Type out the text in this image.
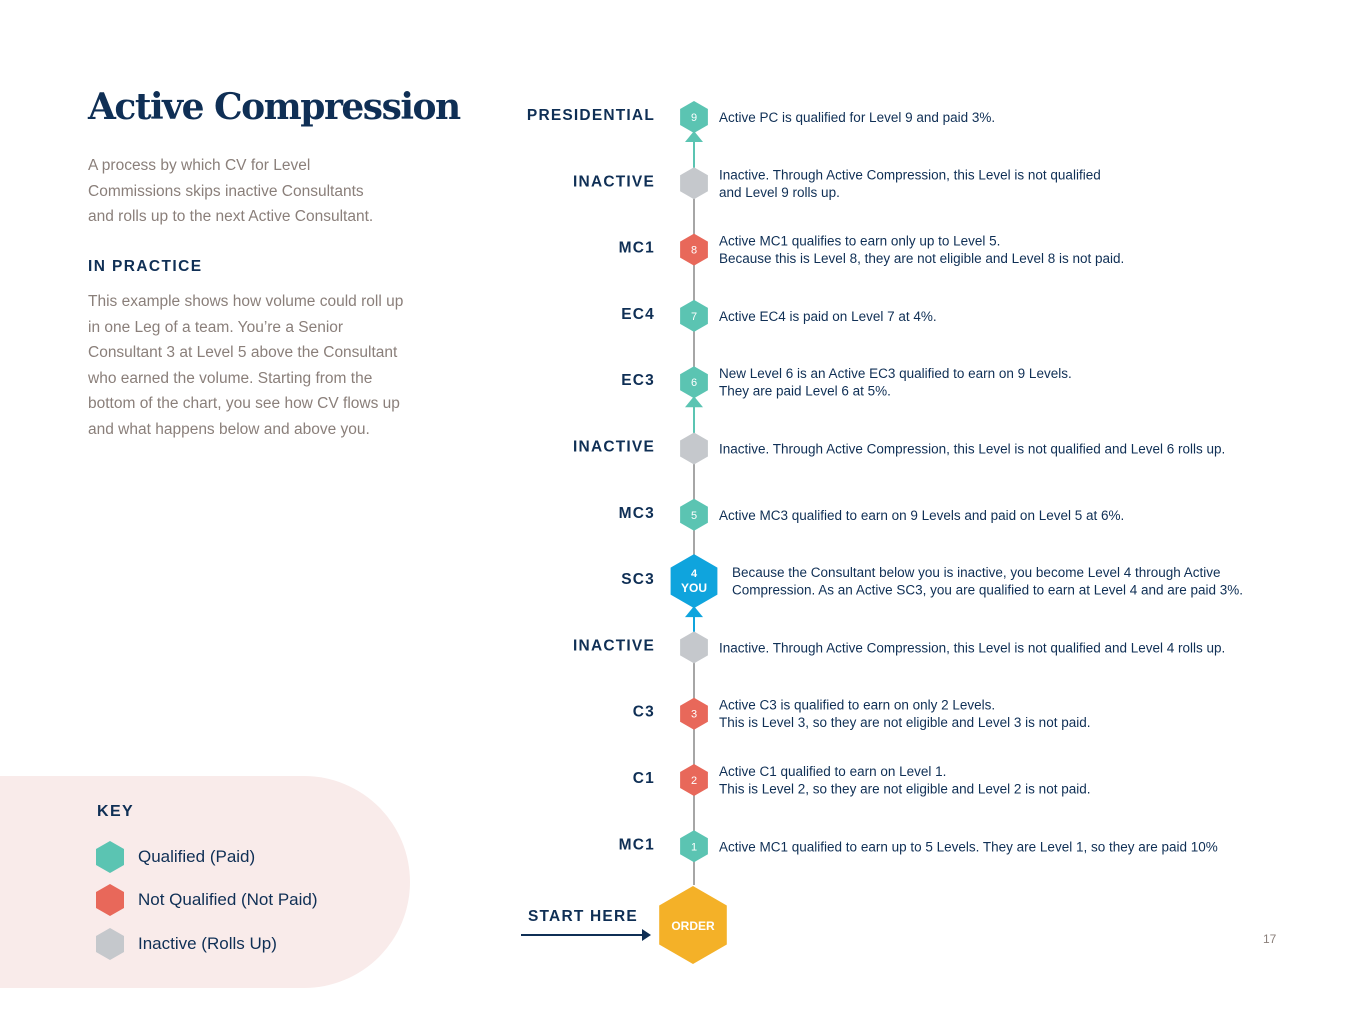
Active Compression

A process by which CV for Level Commissions skips inactive Consultants and rolls up to the next Active Consultant.

IN PRACTICE

This example shows how volume could roll up in one Leg of a team. You’re a Senior Consultant 3 at Level 5 above the Consultant who earned the volume. Starting from the bottom of the chart, you see how CV flows up and what happens below and above you.

KEY
Qualified (Paid)
Not Qualified (Not Paid)
Inactive (Rolls Up)
9
PRESIDENTIAL	Active PC is qualified for Level 9 and paid 3%.
INACTIVE	Inactive. Through Active Compression, this Level is not qualified
and Level 9 rolls up.
8
MC1	Active MC1 qualifies to earn only up to Level 5.
Because this is Level 8, they are not eligible and Level 8 is not paid.
7
EC4	Active EC4 is paid on Level 7 at 4%.
6
EC3	New Level 6 is an Active EC3 qualified to earn on 9 Levels.
They are paid Level 6 at 5%.
INACTIVE	Inactive. Through Active Compression, this Level is not qualified and Level 6 rolls up.
5
MC3	Active MC3 qualified to earn on 9 Levels and paid on Level 5 at 6%.
4
YOU
SC3	Because the Consultant below you is inactive, you become Level 4 through Active
Compression. As an Active SC3, you are qualified to earn at Level 4 and are paid 3%.
INACTIVE	Inactive. Through Active Compression, this Level is not qualified and Level 4 rolls up.
3
C3	Active C3 is qualified to earn on only 2 Levels.
This is Level 3, so they are not eligible and Level 3 is not paid.
2
C1	Active C1 qualified to earn on Level 1.
This is Level 2, so they are not eligible and Level 2 is not paid.
1
MC1	Active MC1 qualified to earn up to 5 Levels. They are Level 1, so they are paid 10%
ORDER
START HERE
17
